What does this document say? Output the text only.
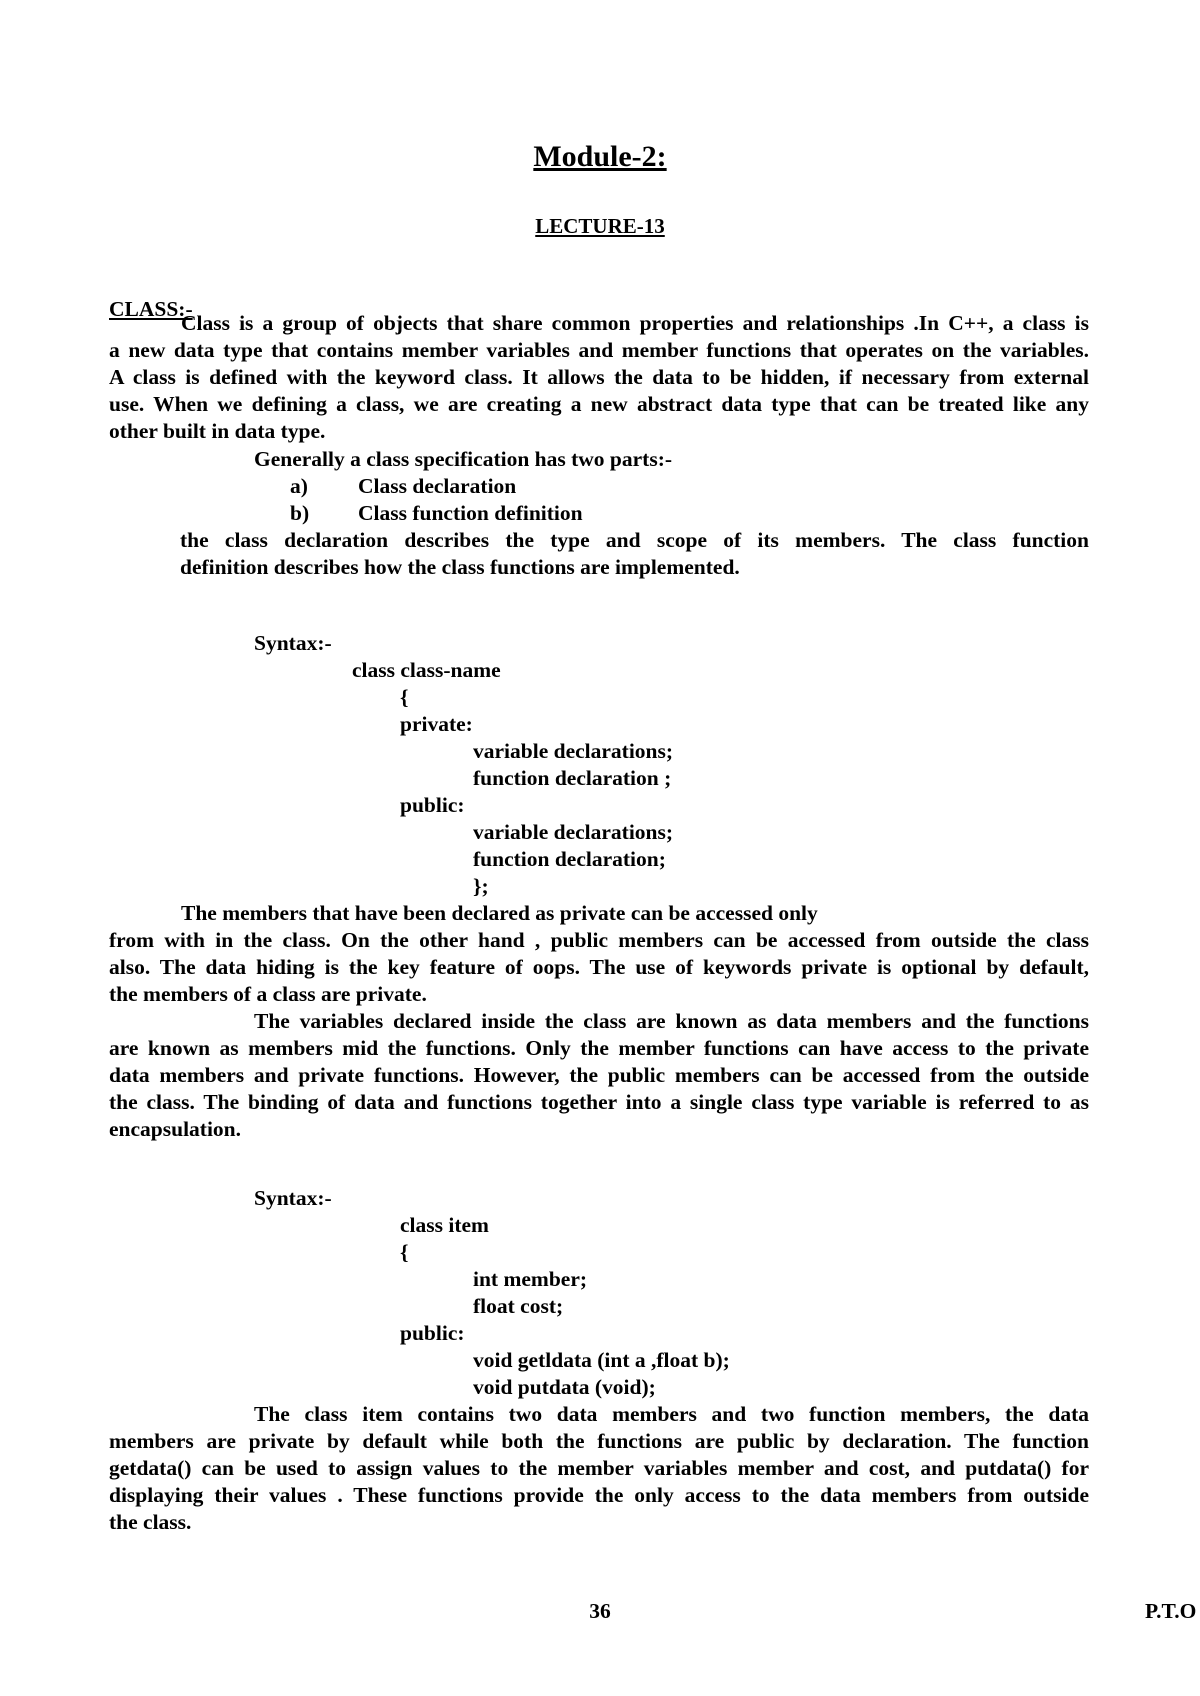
Module-2:
LECTURE-13
CLASS:-
Class is a group of objects that share common properties and relationships .In C++, a class is
a new data type that contains member variables and member functions that operates on the variables.
A class is defined with the keyword class. It allows the data to be hidden, if necessary from external
use. When we defining a class, we are creating a new abstract data type that can be treated like any
other built in data type.
Generally a class specification has two parts:-
a) Class declaration
b) Class function definition
the class declaration describes the type and scope of its members. The class function
definition describes how the class functions are implemented.
Syntax:-
class class-name
{
private:
variable declarations;
function declaration ;
public:
variable declarations;
function declaration;
};
The members that have been declared as private can be accessed only
from with in the class. On the other hand , public members can be accessed from outside the class
also. The data hiding is the key feature of oops. The use of keywords private is optional by default,
the members of a class are private.
The variables declared inside the class are known as data members and the functions
are known as members mid the functions. Only the member functions can have access to the private
data members and private functions. However, the public members can be accessed from the outside
the class. The binding of data and functions together into a single class type variable is referred to as
encapsulation.
Syntax:-
class item
{
int member;
float cost;
public:
void getldata (int a ,float b);
void putdata (void);
The class item contains two data members and two function members, the data
members are private by default while both the functions are public by declaration. The function
getdata() can be used to assign values to the member variables member and cost, and putdata() for
displaying their values . These functions provide the only access to the data members from outside
the class.
36	P.T.O
